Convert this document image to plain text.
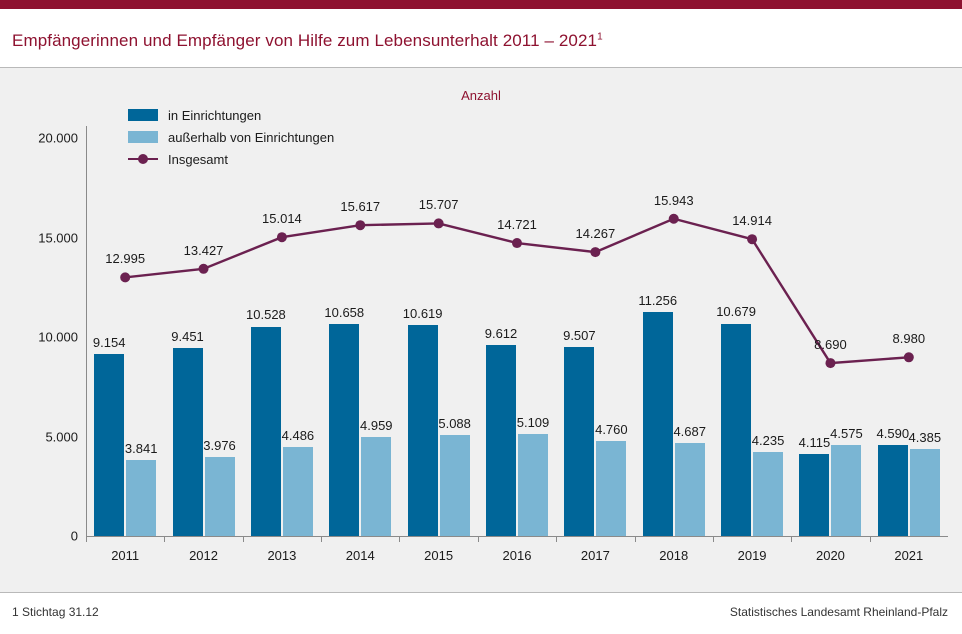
Empfängerinnen und Empfänger von Hilfe zum Lebensunterhalt 2011 – 2021$^1$
Anzahl
in Einrichtungen
außerhalb von Einrichtungen
Insgesamt
0
5.000
10.000
15.000
20.000
2011
9.154
3.841
12.995
2012
9.451
3.976
13.427
2013
10.528
4.486
15.014
2014
10.658
4.959
15.617
2015
10.619
5.088
15.707
2016
9.612
5.109
14.721
2017
9.507
4.760
14.267
2018
11.256
4.687
15.943
2019
10.679
4.235
14.914
2020
4.115
4.575
8.690
2021
4.590 4.385
8.980
1 Stichtag 31.12	Statistisches Landesamt Rheinland-Pfalz
